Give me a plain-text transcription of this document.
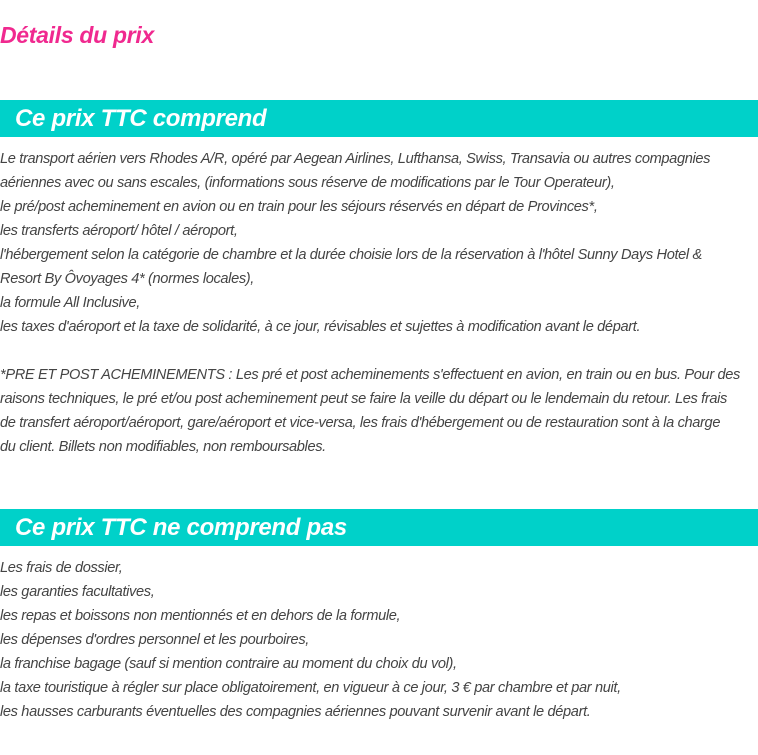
Détails du prix
Ce prix TTC comprend
Le transport aérien vers Rhodes A/R, opéré par Aegean Airlines, Lufthansa, Swiss, Transavia ou autres compagnies
aériennes avec ou sans escales, (informations sous réserve de modifications par le Tour Operateur),
le pré/post acheminement en avion ou en train pour les séjours réservés en départ de Provinces*,
les transferts aéroport/ hôtel / aéroport,
l'hébergement selon la catégorie de chambre et la durée choisie lors de la réservation à l'hôtel Sunny Days Hotel &
Resort By Ôvoyages 4* (normes locales),
la formule All Inclusive,
les taxes d'aéroport et la taxe de solidarité, à ce jour, révisables et sujettes à modification avant le départ.
*PRE ET POST ACHEMINEMENTS : Les pré et post acheminements s'effectuent en avion, en train ou en bus. Pour des
raisons techniques, le pré et/ou post acheminement peut se faire la veille du départ ou le lendemain du retour. Les frais
de transfert aéroport/aéroport, gare/aéroport et vice-versa, les frais d'hébergement ou de restauration sont à la charge
du client. Billets non modifiables, non remboursables.
Ce prix TTC ne comprend pas
Les frais de dossier,
les garanties facultatives,
les repas et boissons non mentionnés et en dehors de la formule,
les dépenses d'ordres personnel et les pourboires,
la franchise bagage (sauf si mention contraire au moment du choix du vol),
la taxe touristique à régler sur place obligatoirement, en vigueur à ce jour, 3 € par chambre et par nuit,
les hausses carburants éventuelles des compagnies aériennes pouvant survenir avant le départ.
